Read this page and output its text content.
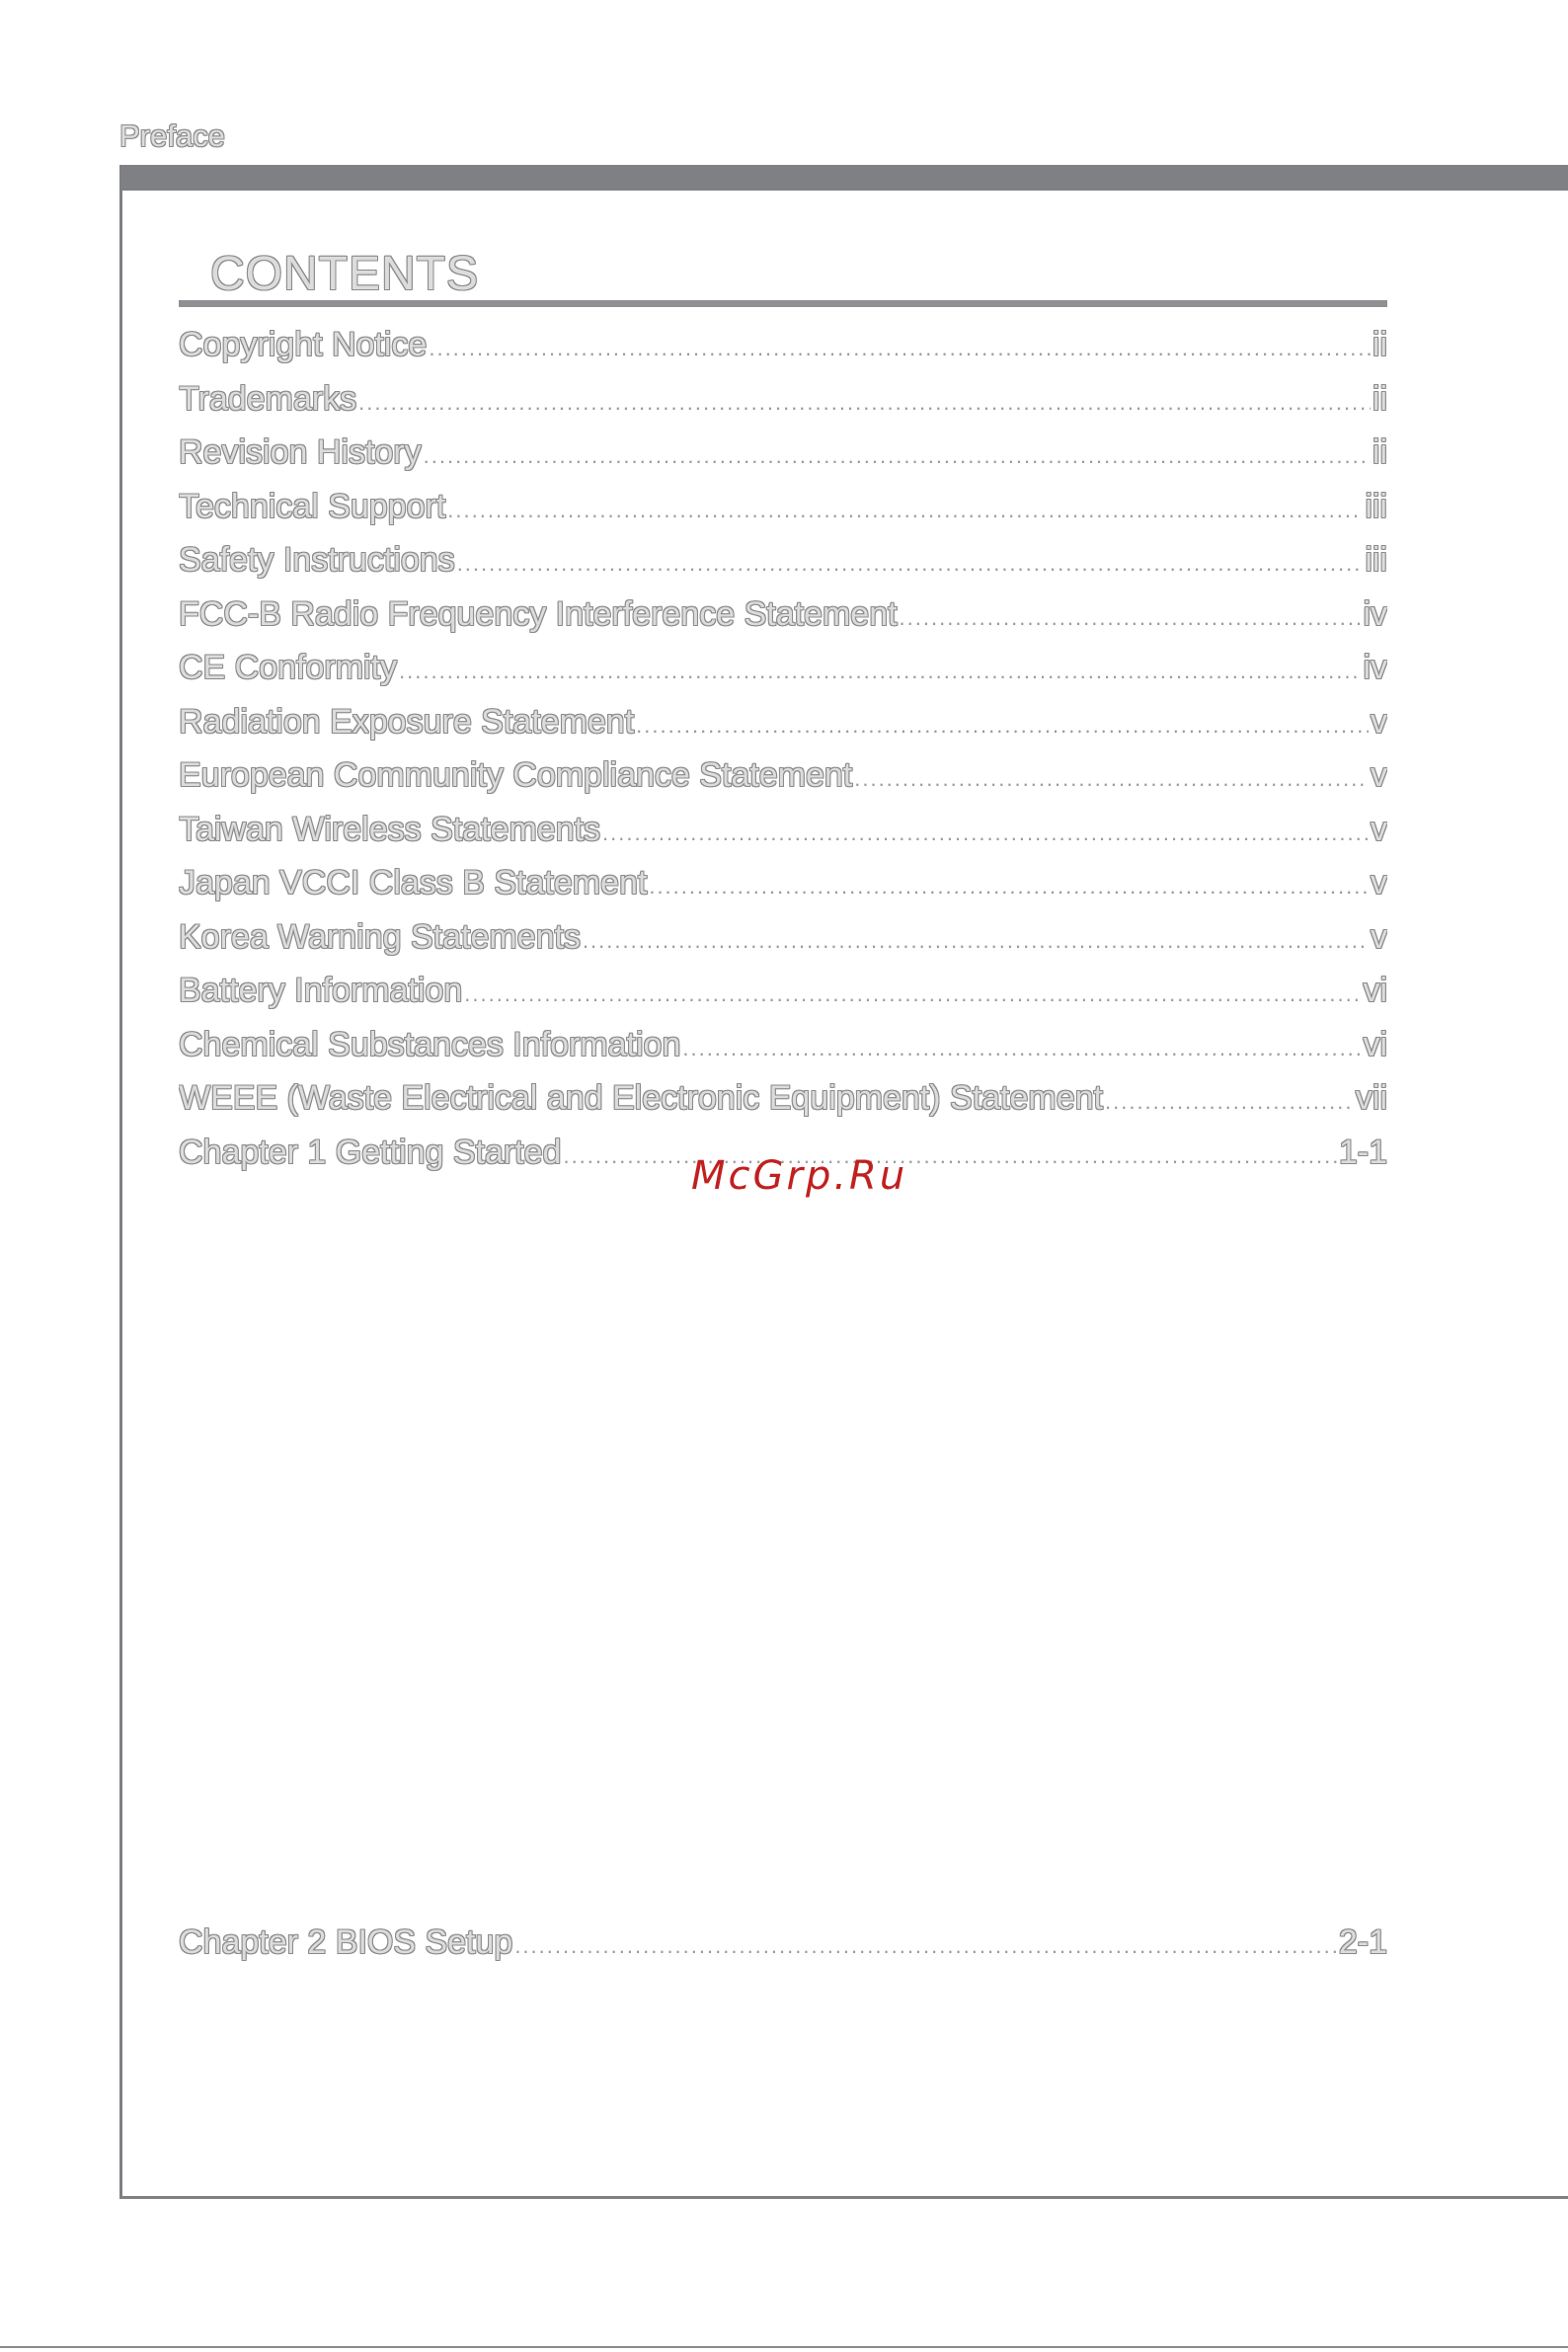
Preface
CONTENTS
Copyright Notice .....	ii
Trademarks .....	ii
Revision History .....	ii
Technical Support .....	iii
Safety Instructions .....	iii
FCC-B Radio Frequency Interference Statement .....	iv
CE Conformity .....	iv
Radiation Exposure Statement .....	v
European Community Compliance Statement .....	v
Taiwan Wireless Statements .....	v
Japan VCCI Class B Statement .....	v
Korea Warning Statements .....	v
Battery Information .....	vi
Chemical Substances Information .....	vi
WEEE (Waste Electrical and Electronic Equipment) Statement .....	vii
Chapter 1 Getting Started .....	1-1
Chapter 2 BIOS Setup .....	2-1
McGrp.Ru
